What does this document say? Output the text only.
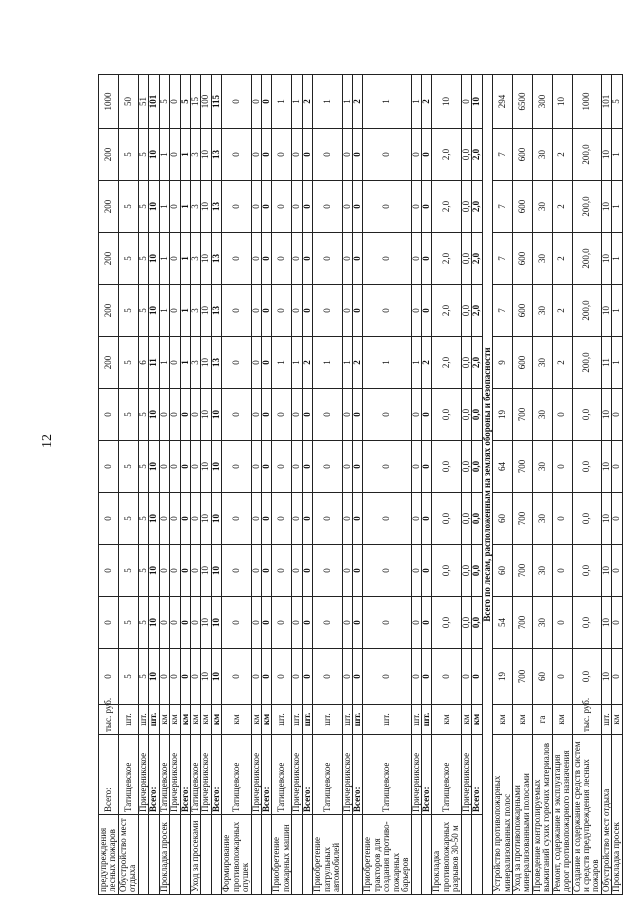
12
предупреждения лесных пожаров	Всего:	тыс. руб.	0	0	0	0	0	0	200	200	200	200	200	1000
Обустройство мест отдыха	Татищевское	шт.	5	5	5	5	5	5	5	5	5	5	5	50
	Причерникское	шт.	5	5	5	5	5	5	6	5	5	5	5	51
	Всего:	шт.	10	10	10	10	10	10	11	10	10	10	10	101
Прокладка просек	Татищевское	км	0	0	0	0	0	0	1	1	1	1	1	5
	Причерникское	км	0	0	0	0	0	0	0	0	0	0	0	0
	Всего:	км	0	0	0	0	0	0	1	1	1	1	1	5
Уход за просеками	Татищевское	км	0	0	0	0	0	0	3	3	3	3	3	15
	Причерникское	км	10	10	10	10	10	10	10	10	10	10	10	100
	Всего:	км	10	10	10	10	10	10	13	13	13	13	13	115
Формирование противопожарных опушек	Татищевское	км	0	0	0	0	0	0	0	0	0	0	0	0
	Причерникское	км	0	0	0	0	0	0	0	0	0	0	0	0
	Всего:	км	0	0	0	0	0	0	0	0	0	0	0	0
Приобретение пожарных машин	Татищевское	шт.	0	0	0	0	0	0	1	0	0	0	0	1
	Причерникское	шт.	0	0	0	0	0	0	1	0	0	0	0	1
	Всего:	шт.	0	0	0	0	0	0	2	0	0	0	0	2
Приобретение патрульных автомобилей	Татищевское	шт.	0	0	0	0	0	0	1	0	0	0	0	1
	Причерникское	шт.	0	0	0	0	0	0	1	0	0	0	0	1
	Всего:	шт.	0	0	0	0	0	0	2	0	0	0	0	2
Приобретение тракторов для создания противо-пожарных барьеров	Татищевское	шт.	0	0	0	0	0	0	1	0	0	0	0	1
	Причерникское	шт.	0	0	0	0	0	0	1	0	0	0	0	1
	Всего:	шт.	0	0	0	0	0	0	2	0	0	0	0	2
Прокладка противопожарных разрывов 30-50 м	Татищевское	км	0	0,0	0,0	0,0	0,0	0,0	2,0	2,0	2,0	2,0	2,0	10
	Причерникское	км	0	0,0	0,0	0,0	0,0	0,0	0,0	0,0	0,0	0,0	0,0	0
	Всего:	км	0	0,0	0,0	0,0	0,0	0,0	2,0	2,0	2,0	2,0	2,0	10
Всего по лесам, расположенным на землях обороны и безопасности														
Устройство противопожарных минерализованных полос		км	19	54	60	60	64	19	9	7	7	7	7	294
Уход за противопожарными минерализованными полосами		км	700	700	700	700	700	700	600	600	600	600	600	6500
Проведение контролируемых выжиганий сухих горючих материалов		га	60	30	30	30	30	30	30	30	30	30	30	300
Ремонт, содержание и эксплуатация дорог противопожарного назначения		км	0	0	0	0	0	0	2	2	2	2	2	10
Создание и содержание средств систем и средств предупреждения лесных пожаров		тыс. руб.	0,0	0,0	0,0	0,0	0,0	0,0	200,0	200,0	200,0	200,0	200,0	1000
Обустройство мест отдыха		шт.	10	10	10	10	10	10	11	10	10	10	10	101
Прокладка просек		км	0	0	0	0	0	0	1	1	1	1	1	5
